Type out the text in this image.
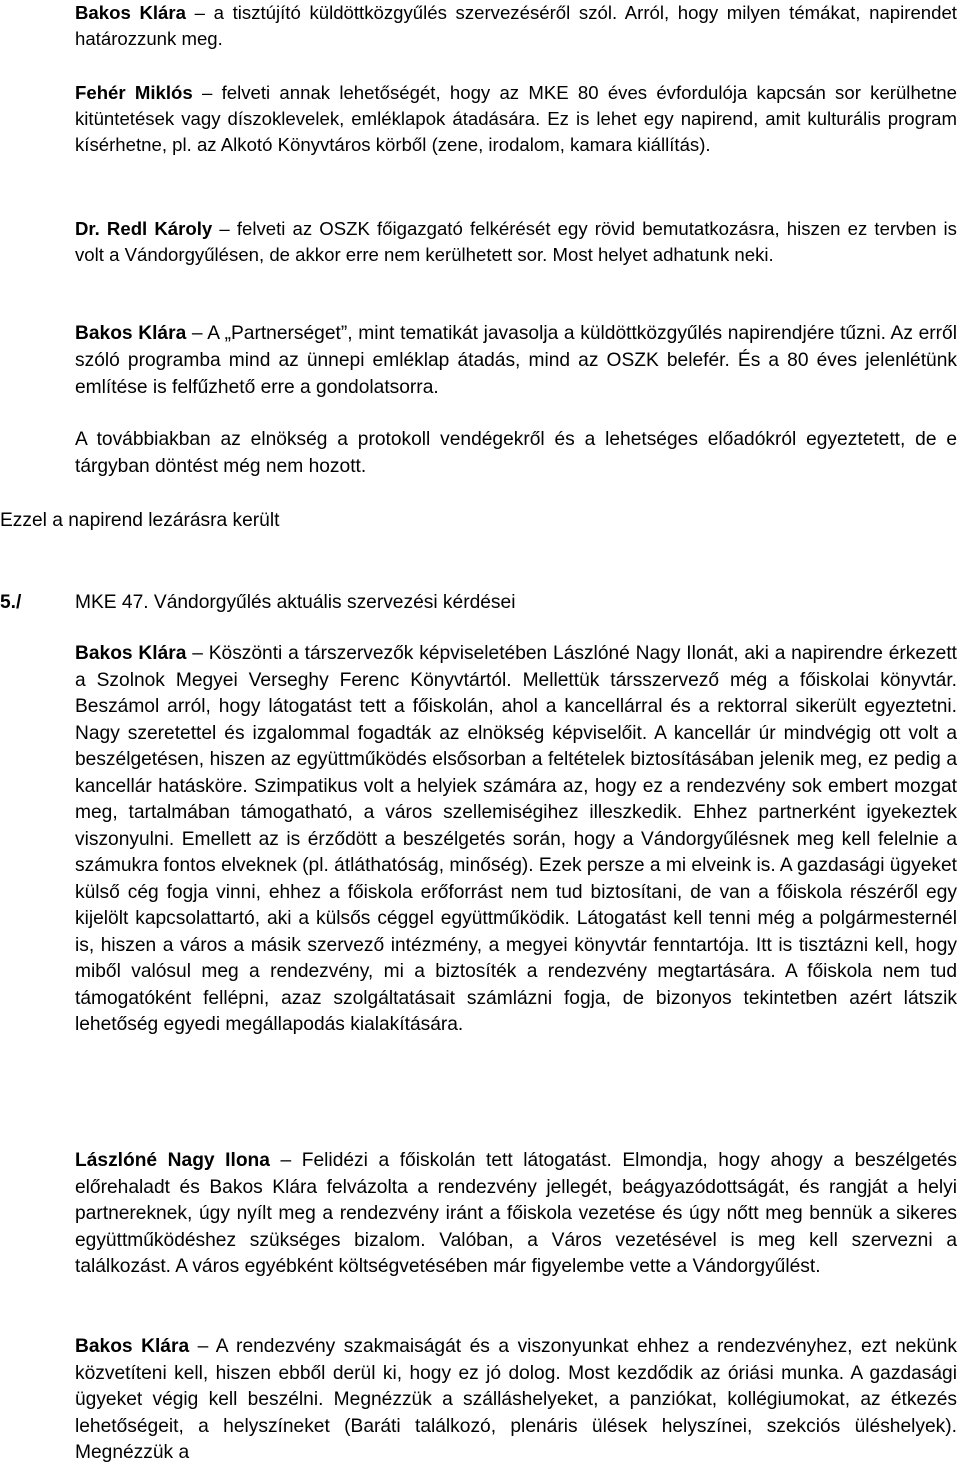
Bakos Klára – a tisztújító küldöttközgyűlés szervezéséről szól. Arról, hogy milyen témákat, napirendet határozzunk meg.

Fehér Miklós – felveti annak lehetőségét, hogy az MKE 80 éves évfordulója kapcsán sor kerülhetne kitüntetések vagy díszoklevelek, emléklapok átadására. Ez is lehet egy napirend, amit kulturális program kísérhetne, pl. az Alkotó Könyvtáros körből (zene, irodalom, kamara kiállítás).

Dr. Redl Károly – felveti az OSZK főigazgató felkérését egy rövid bemutatkozásra, hiszen ez tervben is volt a Vándorgyűlésen, de akkor erre nem kerülhetett sor. Most helyet adhatunk neki.

Bakos Klára – A „Partnerséget”, mint tematikát javasolja a küldöttközgyűlés napirendjére tűzni. Az erről szóló programba mind az ünnepi emléklap átadás, mind az OSZK belefér. És a 80 éves jelenlétünk említése is felfűzhető erre a gondolatsorra.

A továbbiakban az elnökség a protokoll vendégekről és a lehetséges előadókról egyeztetett, de e tárgyban döntést még nem hozott.

Ezzel a napirend lezárásra került

5./	MKE 47. Vándorgyűlés aktuális szervezési kérdései

Bakos Klára – Köszönti a társzervezők képviseletében Lászlóné Nagy Ilonát, aki a napirendre érkezett a Szolnok Megyei Verseghy Ferenc Könyvtártól. Mellettük társszervező még a főiskolai könyvtár. Beszámol arról, hogy látogatást tett a főiskolán, ahol a kancellárral és a rektorral sikerült egyeztetni. Nagy szeretettel és izgalommal fogadták az elnökség képviselőit. A kancellár úr mindvégig ott volt a beszélgetésen, hiszen az együttműködés elsősorban a feltételek biztosításában jelenik meg, ez pedig a kancellár hatásköre. Szimpatikus volt a helyiek számára az, hogy ez a rendezvény sok embert mozgat meg, tartalmában támogatható, a város szellemiségihez illeszkedik. Ehhez partnerként igyekeztek viszonyulni. Emellett az is érződött a beszélgetés során, hogy a Vándorgyűlésnek meg kell felelnie a számukra fontos elveknek (pl. átláthatóság, minőség). Ezek persze a mi elveink is. A gazdasági ügyeket külső cég fogja vinni, ehhez a főiskola erőforrást nem tud biztosítani, de van a főiskola részéről egy kijelölt kapcsolattartó, aki a külsős céggel együttműködik. Látogatást kell tenni még a polgármesternél is, hiszen a város a másik szervező intézmény, a megyei könyvtár fenntartója. Itt is tisztázni kell, hogy miből valósul meg a rendezvény, mi a biztosíték a rendezvény megtartására. A főiskola nem tud támogatóként fellépni, azaz szolgáltatásait számlázni fogja, de bizonyos tekintetben azért látszik lehetőség egyedi megállapodás kialakítására.

Lászlóné Nagy Ilona – Felidézi a főiskolán tett látogatást. Elmondja, hogy ahogy a beszélgetés előrehaladt és Bakos Klára felvázolta a rendezvény jellegét, beágyazódottságát, és rangját a helyi partnereknek, úgy nyílt meg a rendezvény iránt a főiskola vezetése és úgy nőtt meg bennük a sikeres együttműködéshez szükséges bizalom. Valóban, a Város vezetésével is meg kell szervezni a találkozást. A város egyébként költségvetésében már figyelembe vette a Vándorgyűlést.

Bakos Klára – A rendezvény szakmaiságát és a viszonyunkat ehhez a rendezvényhez, ezt nekünk közvetíteni kell, hiszen ebből derül ki, hogy ez jó dolog. Most kezdődik az óriási munka. A gazdasági ügyeket végig kell beszélni. Megnézzük a szálláshelyeket, a panziókat, kollégiumokat, az étkezés lehetőségeit, a helyszíneket (Baráti találkozó, plenáris ülések helyszínei, szekciós üléshelyek). Megnézzük a
